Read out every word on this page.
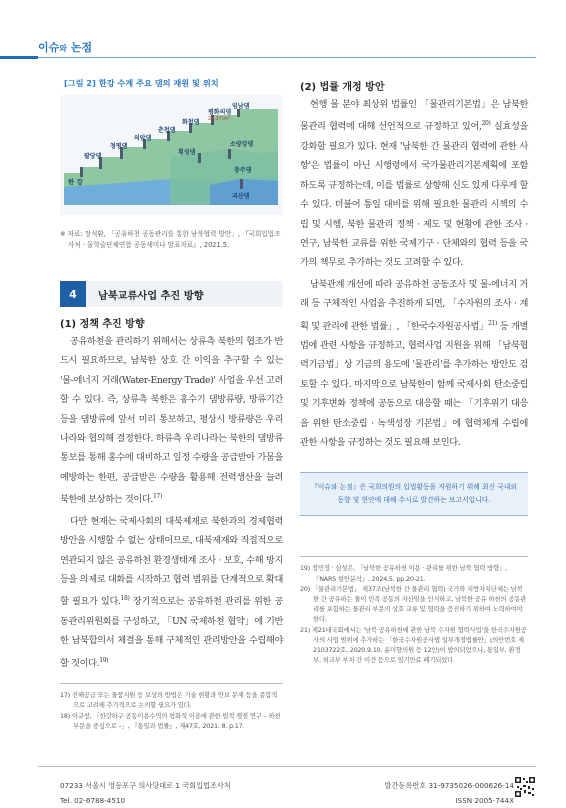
이슈와 논점
[그림 2] 한강 수계 주요 댐의 재원 및 위치
임남댐
평화의댐
26.3억m³
화천댐
춘천댐
의암댐
청평댐
팔당댐
소양강댐
횡성댐
충주댐
괴산댐
한 강
※ 자료: 장석환, 「공유하천 공동관리를 통한 남북협력 방안」, 『국회입법조사처 · 물학술단체연합 공동세미나 발표자료』, 2021.5.
4	남북교류사업 추진 방향
(1) 정책 추진 방향

공유하천을 관리하기 위해서는 상류측 북한의 협조가 반드시 필요하므로, 남북한 상호 간 이익을 추구할 수 있는 '물-에너지 거래(Water-Energy Trade)' 사업을 우선 고려할 수 있다. 즉, 상류측 북한은 홍수기 댐방류량, 방류기간 등을 댐방류에 앞서 미리 통보하고, 평상시 방류량은 우리나라와 협의해 결정한다. 하류측 우리나라는 북한의 댐방류 통보를 통해 홍수에 대비하고 일정 수량을 공급받아 가뭄을 예방하는 한편, 공급받은 수량을 활용해 전력생산을 늘려 북한에 보상하는 것이다.$^{17)}$

다만 현재는 국제사회의 대북제재로 북한과의 경제협력 방안을 시행할 수 없는 상태이므로, 대북제재와 직접적으로 연관되지 않은 공유하천 환경생태계 조사 · 보호, 수해 방지 등을 의제로 대화를 시작하고 협력 범위를 단계적으로 확대할 필요가 있다.$^{18)}$ 장기적으로는 공유하천 관리를 위한 공동관리위원회를 구성하고, 「UN 국제하천 협약」에 기반한 남북합의서 체결을 통해 구체적인 관리방안을 수립해야 할 것이다.$^{19)}$

17) 진해공급 또는 물품지원 등 보상의 방법은 기술 현황과 안보 문제 등을 종합적으로 고려해 추가적으로 논의할 필요가 있다.
18) 이규창, 「한강하구 공동이용수역의 평화적 이용에 관한 법적 쟁점 연구 – 하천 부문을 중심으로 –」, 『통일과 법률』, 제47호, 2021. 8. p.17.
(2) 법률 개정 방안

현행 물 분야 최상위 법률인 「물관리기본법」은 남북한 물관리 협력에 대해 선언적으로 규정하고 있어,$^{20)}$ 실효성을 강화할 필요가 있다. 현재 '남북한 간 물관리 협력에 관한 사항'은 법률이 아닌 시행령에서 국가물관리기본계획에 포함하도록 규정하는데, 이를 법률로 상향해 신도 있게 다루게 할 수 있다. 더불어 통일 대비를 위해 필요한 물관리 시책의 수립 및 시행, 북한 물관리 정책 · 제도 및 현황에 관한 조사 · 연구, 남북한 교류를 위한 국제기구 · 단체와의 협력 등을 국가의 책무로 추가하는 것도 고려할 수 있다.

남북관계 개선에 따라 공유하천 공동조사 및 물-에너지 거래 등 구체적인 사업을 추진하게 되면, 「수자원의 조사 · 계획 및 관리에 관한 법률」, 「한국수자원공사법」$^{21)}$ 등 개별법에 관련 사항을 규정하고, 협력사업 지원을 위해 「남북협력기금법」상 기금의 용도에 '물관리'를 추가하는 방안도 검토할 수 있다. 마지막으로 남북한이 함께 국제사회 탄소중립 및 기후변화 정책에 공동으로 대응할 때는 「기후위기 대응을 위한 탄소중립 · 녹색성장 기본법」에 협력체계 수립에 관한 사항을 규정하는 것도 필요해 보인다.

『이슈와 논점』은 국회의원의 입법활동을 지원하기 위해 최신 국내외 동향 및 현안에 대해 수시로 발간하는 보고서입니다.
19) 정민정 · 심성은, 「남북한 공유하천 이용 · 관리를 위한 남북 협력 방향」, 『NARS 현안분석』, 2024.5. pp.20-21.
20) 「물관리기본법」 제37조(남북한 간 물관리 협력) 국가와 지방자치단체는 남북한 간 공유하는 물이 민족 공동의 자산임을 인식하고, 남북한 공유 하천의 공동관리를 포함하는 물관리 부문의 상호 교류 및 협력을 증진하기 위하여 노력하여야 한다.
21) 제21대국회에서는 '남북 공유하천에 관한 남북 수자원 협력사업'을 한국수자원공사의 사업 범위에 추가하는 「한국수자원공사법 일부개정법률안」(의안번호 제2103722호, 2020.9.10. 윤미향의원 등 12인)이 발의되었으나, 통일부, 환경부, 외교부 부처 간 이견 등으로 임기만료 폐기되었다.
07233 서울시 영등포구 의사당대로 1 국회입법조사처
Tel. 02-6788-4510
발간등록번호 31-9735026-000626-14
ISSN 2005-744X
